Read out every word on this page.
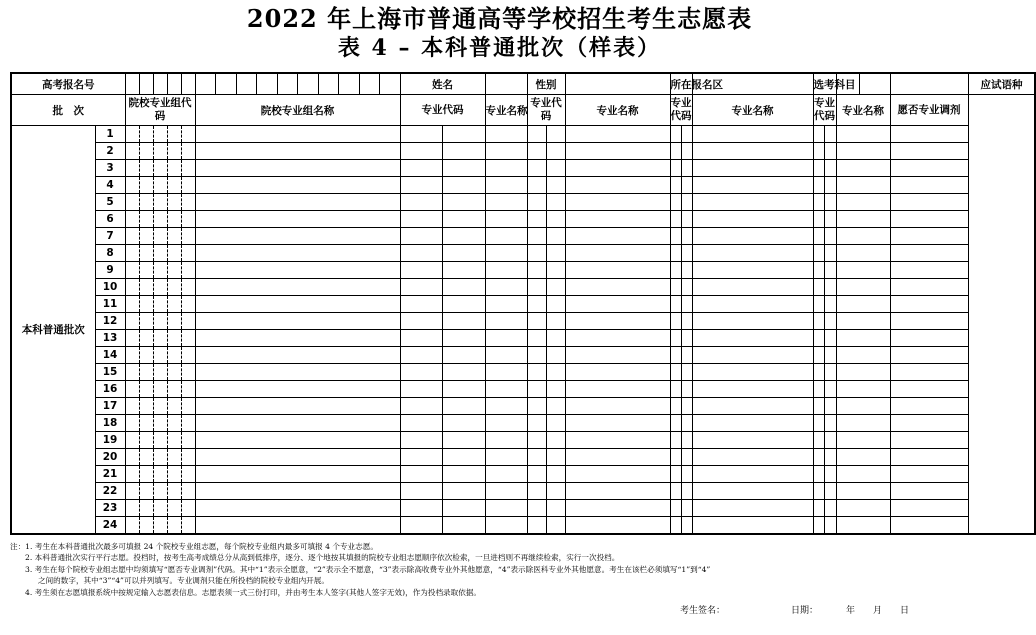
2022 年上海市普通高等学校招生考生志愿表
表 4 – 本科普通批次（样表）
高考报名号								姓名		性别		所在报名区		选考科目				应试语种	
批　次		院校专业组代码					院校专业组名称	专业代码	专业名称	专业代码	专业名称	专业代码	专业名称	专业代码	专业名称		愿否专业调剂		
本科普通批次	1																		
	2																		
	3																		
	4																		
	5																		
	6																		
	7																		
	8																		
	9																		
	10																		
	11																		
	12																		
	13																		
	14																		
	15																		
	16																		
	17																		
	18																		
	19																		
	20																		
	21																		
	22																		
	23																		
	24																		
注：1. 考生在本科普通批次最多可填报 24 个院校专业组志愿，每个院校专业组内最多可填报 4 个专业志愿。
2. 本科普通批次实行平行志愿。投档时，按考生高考成绩总分从高到低排序，逐分、逐个地按其填报的院校专业组志愿顺序依次检索，一旦进档则不再继续检索，实行一次投档。
3. 考生在每个院校专业组志愿中均须填写“愿否专业调剂”代码。其中“1”表示全愿意，“2”表示全不愿意，“3”表示除高收费专业外其他愿意，“4”表示除医科专业外其他愿意。考生在该栏必须填写“1”到“4”
之间的数字，其中“3”“4”可以并列填写。专业调剂只能在所投档的院校专业组内开展。
4. 考生须在志愿填报系统中按规定输入志愿表信息。志愿表须一式三份打印，并由考生本人签字(其他人签字无效)，作为投档录取依据。
考生签名：	日期：	年　　月　　日
